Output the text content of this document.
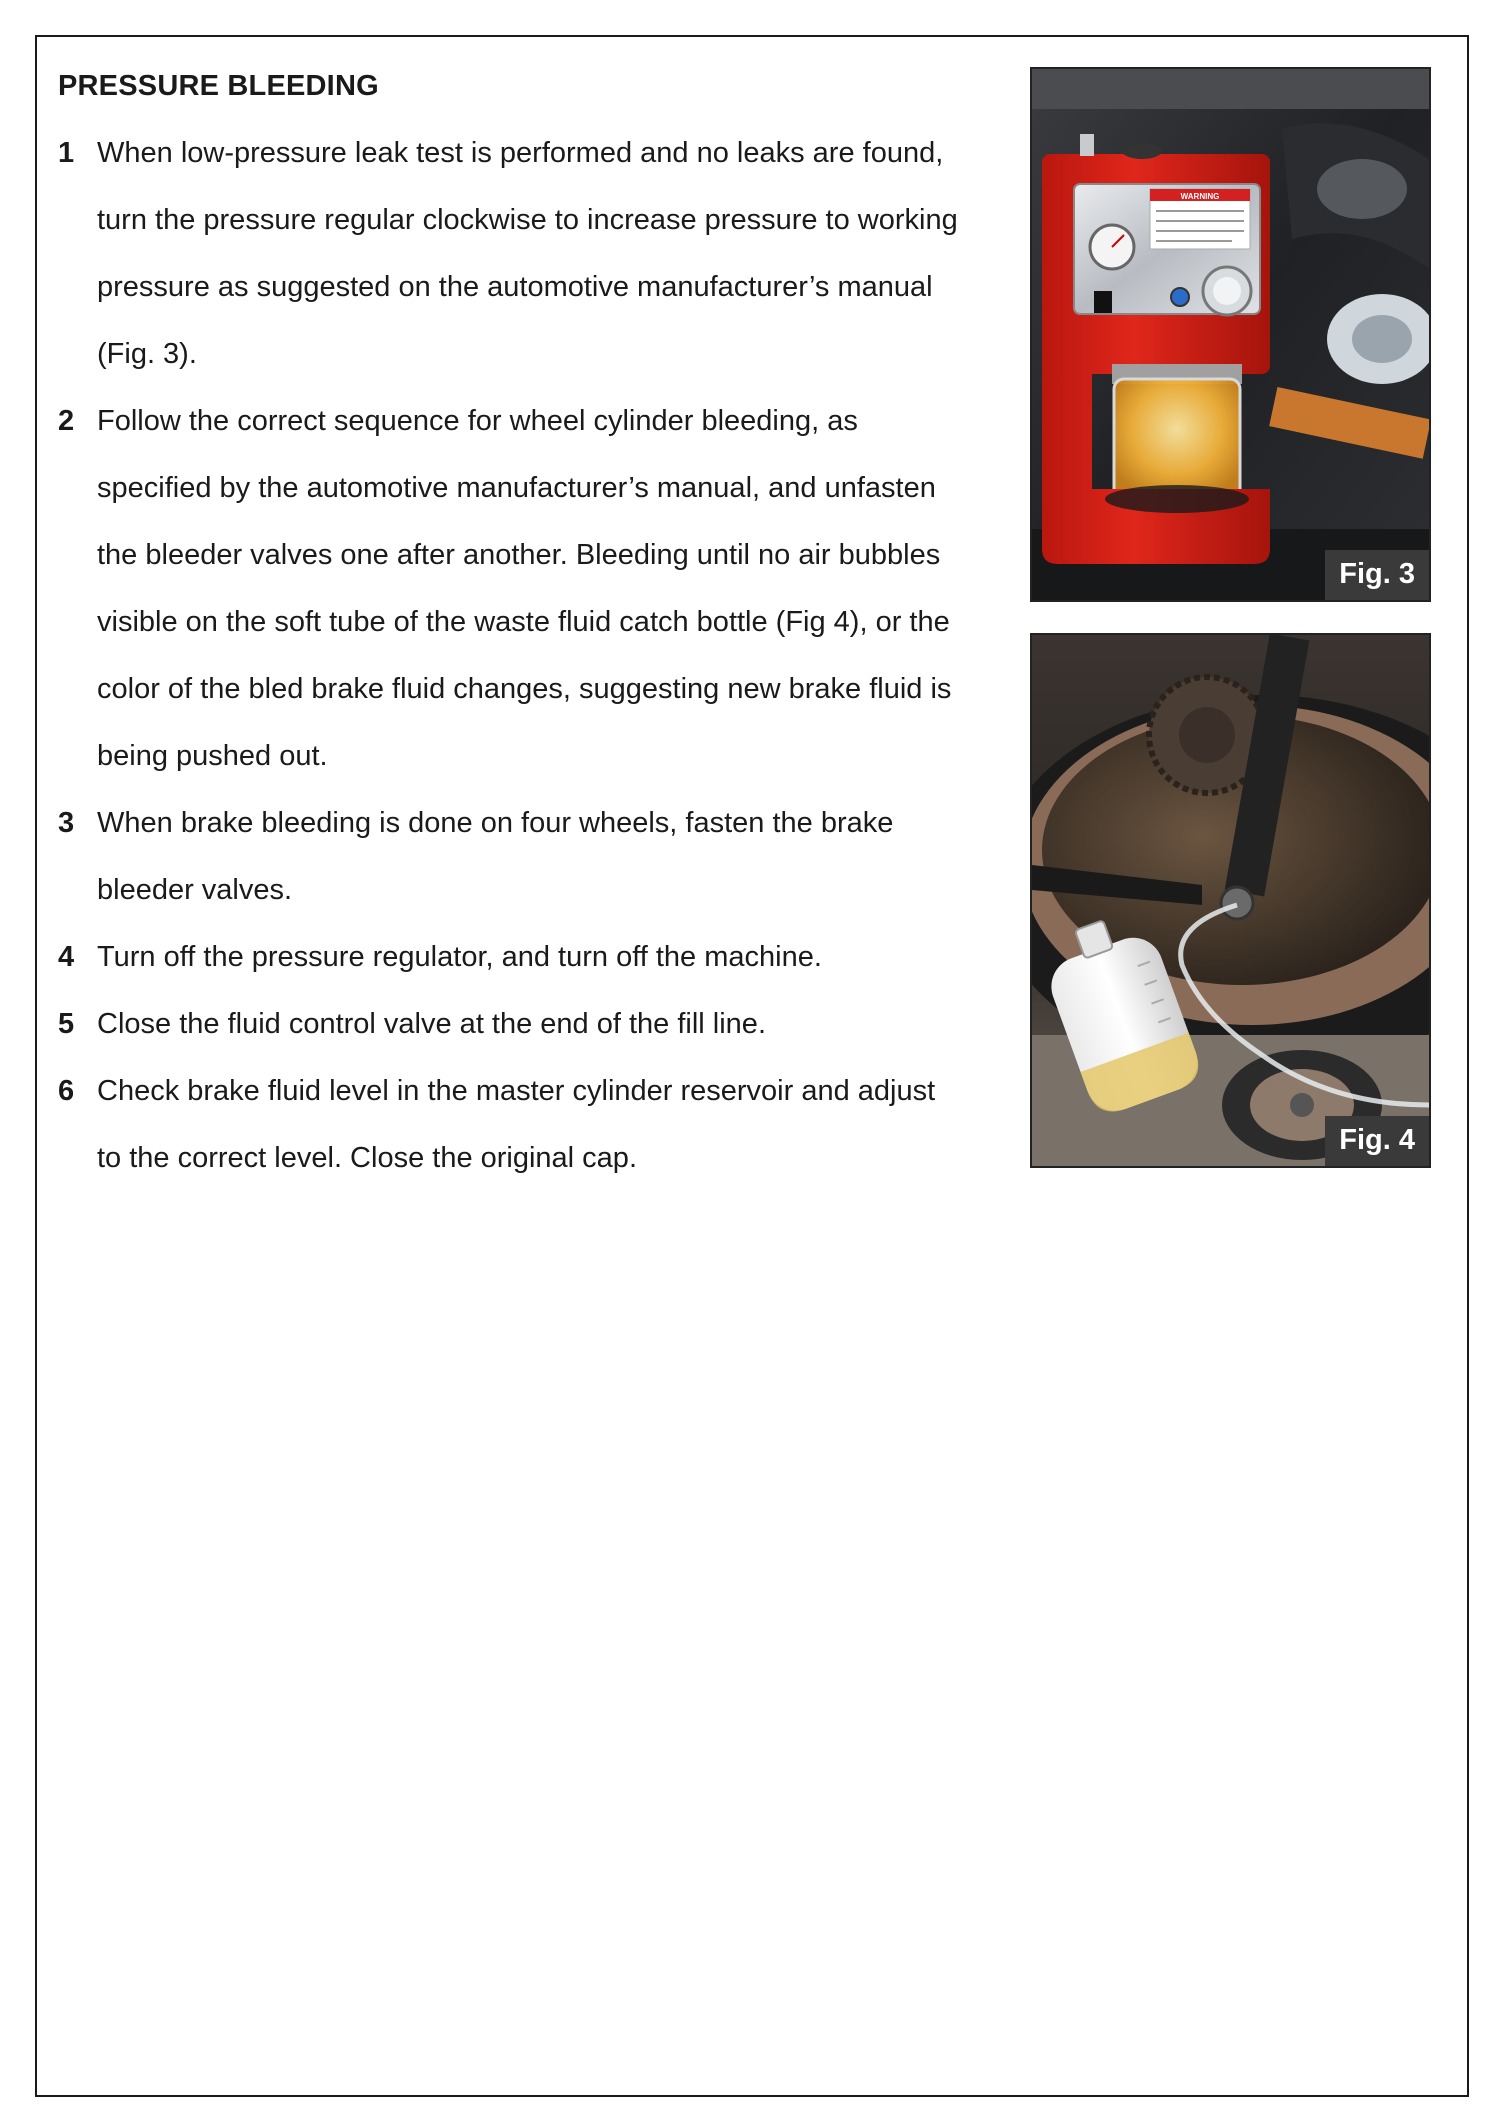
PRESSURE BLEEDING
1 When low-pressure leak test is performed and no leaks are found,
turn the pressure regular clockwise to increase pressure to working
pressure as suggested on the automotive manufacturer’s manual
(Fig. 3).
2 Follow the correct sequence for wheel cylinder bleeding, as
specified by the automotive manufacturer’s manual, and unfasten
the bleeder valves one after another. Bleeding until no air bubbles
visible on the soft tube of the waste fluid catch bottle (Fig 4), or the
color of the bled brake fluid changes, suggesting new brake fluid is
being pushed out.
3 When brake bleeding is done on four wheels, fasten the brake
bleeder valves.
4 Turn off the pressure regulator, and turn off the machine.
5 Close the fluid control valve at the end of the fill line.
6 Check brake fluid level in the master cylinder reservoir and adjust
to the correct level. Close the original cap.
WARNING
Fig. 3
Fig. 4
